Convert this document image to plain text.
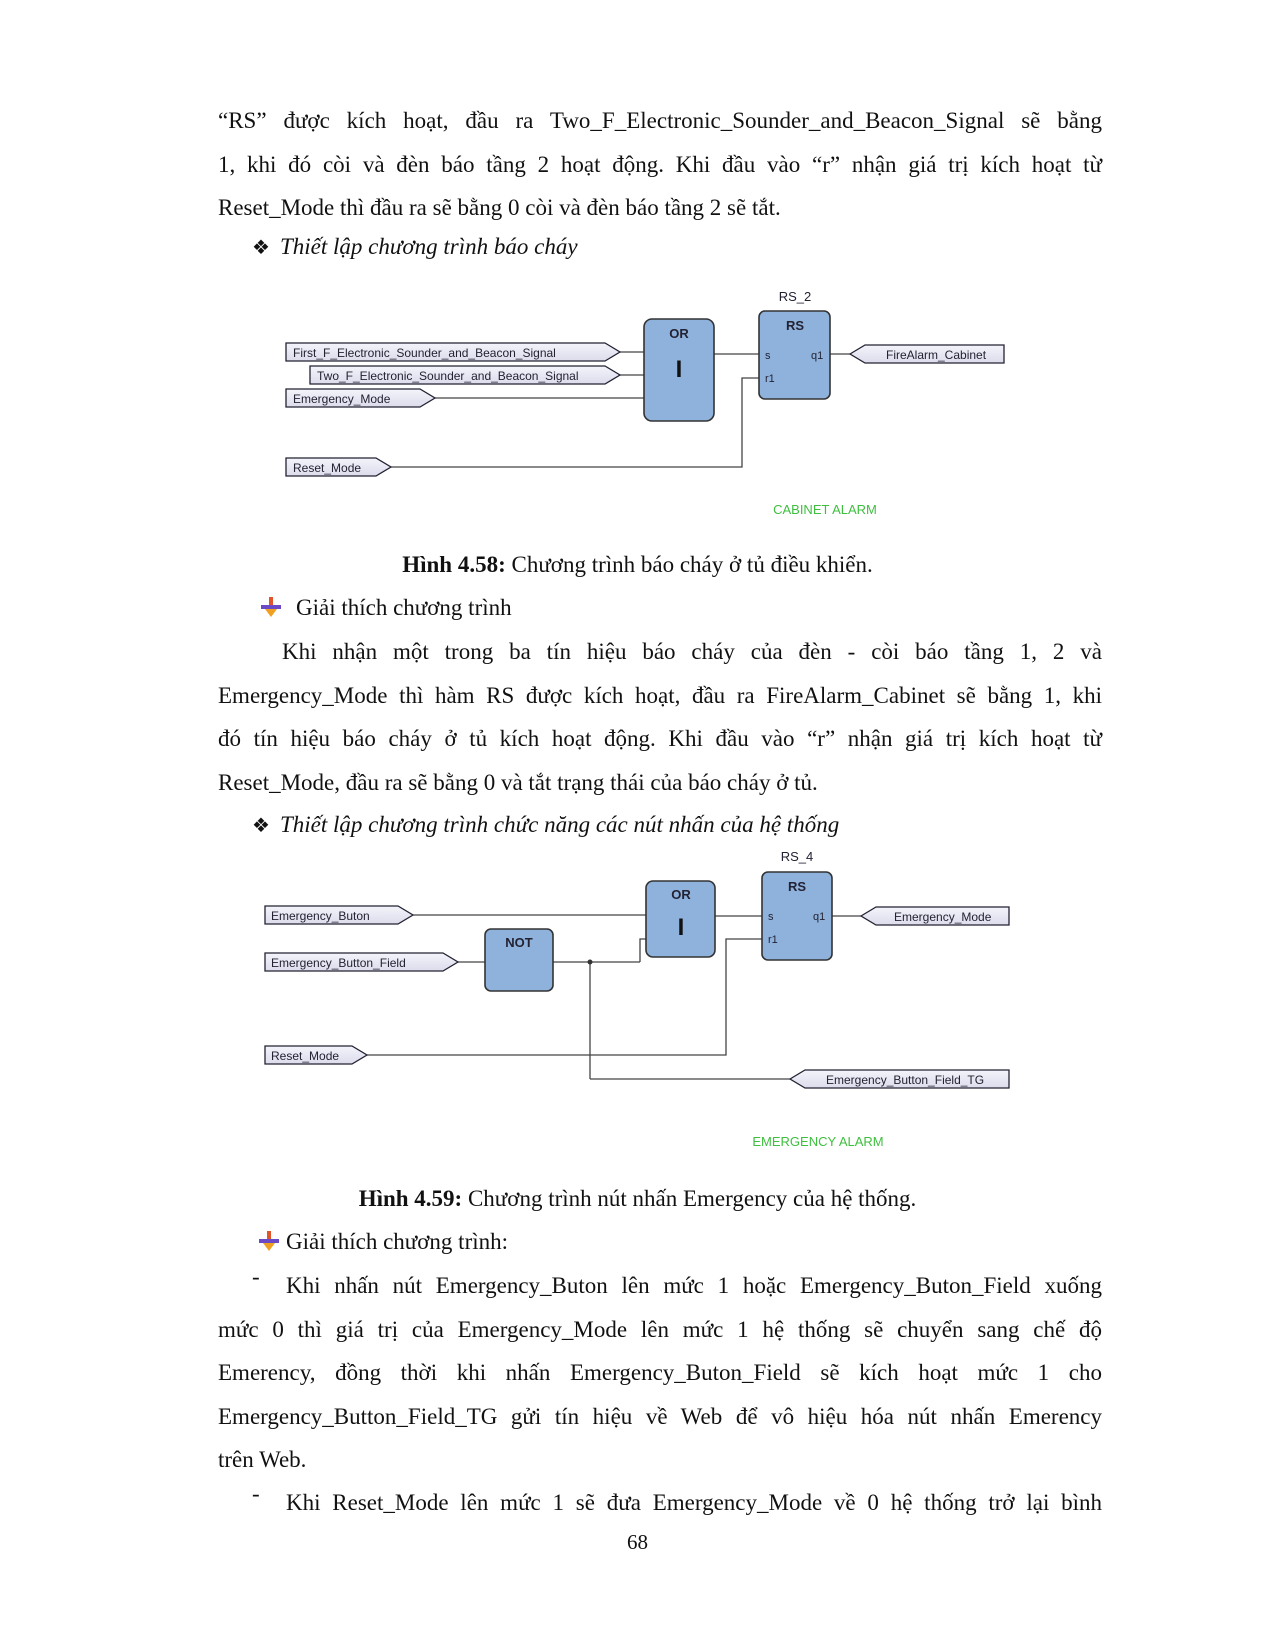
“RS” được kích hoạt, đầu ra Two_F_Electronic_Sounder_and_Beacon_Signal sẽ bằng
1, khi đó còi và đèn báo tầng 2 hoạt động. Khi đầu vào “r” nhận giá trị kích hoạt từ
Reset_Mode thì đầu ra sẽ bằng 0 còi và đèn báo tầng 2 sẽ tắt.
❖ Thiết lập chương trình báo cháy
First_F_Electronic_Sounder_and_Beacon_Signal
Two_F_Electronic_Sounder_and_Beacon_Signal
Emergency_Mode
Reset_Mode
OR
I
RS_2
RS
s
r1
q1	FireAlarm_Cabinet
CABINET ALARM
Emergency_Buton
Emergency_Button_Field
Reset_Mode
NOT
OR
I
RS_4
RS
s
r1
q1	Emergency_Mode
Emergency_Button_Field_TG
EMERGENCY ALARM
Hình 4.58: Chương trình báo cháy ở tủ điều khiển.
Giải thích chương trình
Khi nhận một trong ba tín hiệu báo cháy của đèn - còi báo tầng 1, 2 và
Emergency_Mode thì hàm RS được kích hoạt, đầu ra FireAlarm_Cabinet sẽ bằng 1, khi
đó tín hiệu báo cháy ở tủ kích hoạt động. Khi đầu vào “r” nhận giá trị kích hoạt từ
Reset_Mode, đầu ra sẽ bằng 0 và tắt trạng thái của báo cháy ở tủ.
❖ Thiết lập chương trình chức năng các nút nhấn của hệ thống
Hình 4.59: Chương trình nút nhấn Emergency của hệ thống.
Giải thích chương trình:
-	Khi nhấn nút Emergency_Buton lên mức 1 hoặc Emergency_Buton_Field xuống
mức 0 thì giá trị của Emergency_Mode lên mức 1 hệ thống sẽ chuyển sang chế độ
Emerency, đồng thời khi nhấn Emergency_Buton_Field sẽ kích hoạt mức 1 cho
Emergency_Button_Field_TG gửi tín hiệu về Web để vô hiệu hóa nút nhấn Emerency
trên Web.
-	Khi Reset_Mode lên mức 1 sẽ đưa Emergency_Mode về 0 hệ thống trở lại bình
68
